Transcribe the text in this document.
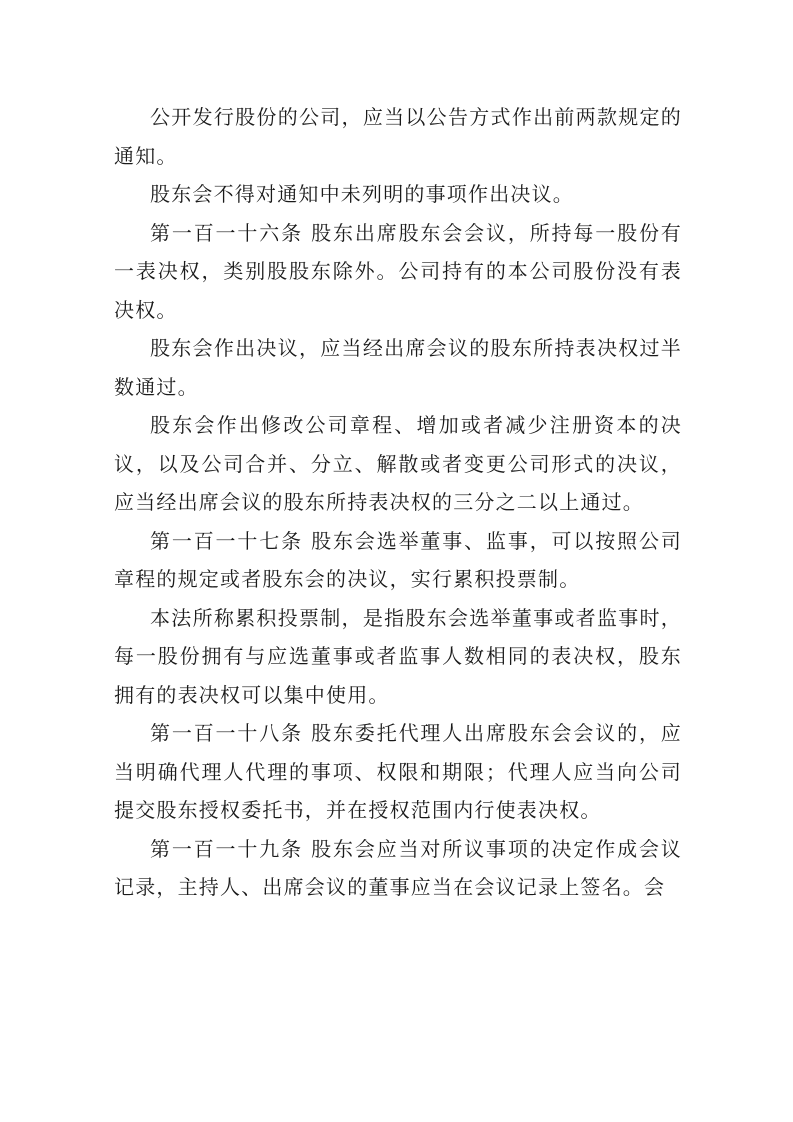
公开发行股份的公司，应当以公告方式作出前两款规定的通知。

股东会不得对通知中未列明的事项作出决议。

第一百一十六条 股东出席股东会会议，所持每一股份有一表决权，类别股股东除外。公司持有的本公司股份没有表决权。

股东会作出决议，应当经出席会议的股东所持表决权过半数通过。

股东会作出修改公司章程、增加或者减少注册资本的决议，以及公司合并、分立、解散或者变更公司形式的决议，应当经出席会议的股东所持表决权的三分之二以上通过。

第一百一十七条 股东会选举董事、监事，可以按照公司章程的规定或者股东会的决议，实行累积投票制。

本法所称累积投票制，是指股东会选举董事或者监事时，每一股份拥有与应选董事或者监事人数相同的表决权，股东拥有的表决权可以集中使用。

第一百一十八条 股东委托代理人出席股东会会议的，应当明确代理人代理的事项、权限和期限；代理人应当向公司提交股东授权委托书，并在授权范围内行使表决权。

第一百一十九条 股东会应当对所议事项的决定作成会议记录，主持人、出席会议的董事应当在会议记录上签名。会
